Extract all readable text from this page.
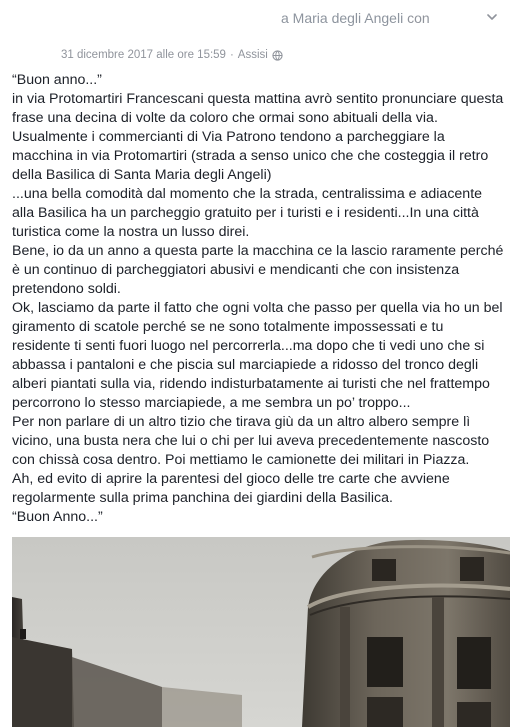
a Maria degli Angeli con
31 dicembre 2017 alle ore 15:59 · Assisi

“Buon anno...”

in via Protomartiri Francescani questa mattina avrò sentito pronunciare questa frase una decina di volte da coloro che ormai sono abituali della via.

Usualmente i commercianti di Via Patrono tendono a parcheggiare la macchina in via Protomartiri (strada a senso unico che che costeggia il retro della Basilica di Santa Maria degli Angeli)

...una bella comodità dal momento che la strada, centralissima e adiacente alla Basilica ha un parcheggio gratuito per i turisti e i residenti...In una città turistica come la nostra un lusso direi.

Bene, io da un anno a questa parte la macchina ce la lascio raramente perché è un continuo di parcheggiatori abusivi e mendicanti che con insistenza pretendono soldi.

Ok, lasciamo da parte il fatto che ogni volta che passo per quella via ho un bel giramento di scatole perché se ne sono totalmente impossessati e tu residente ti senti fuori luogo nel percorrerla...ma dopo che ti vedi uno che si abbassa i pantaloni e che piscia sul marciapiede a ridosso del tronco degli alberi piantati sulla via, ridendo indisturbatamente ai turisti che nel frattempo percorrono lo stesso marciapiede, a me sembra un po’ troppo...

Per non parlare di un altro tizio che tirava giù da un altro albero sempre lì vicino, una busta nera che lui o chi per lui aveva precedentemente nascosto con chissà cosa dentro. Poi mettiamo le camionette dei militari in Piazza.

Ah, ed evito di aprire la parentesi del gioco delle tre carte che avviene regolarmente sulla prima panchina dei giardini della Basilica.

“Buon Anno...”
